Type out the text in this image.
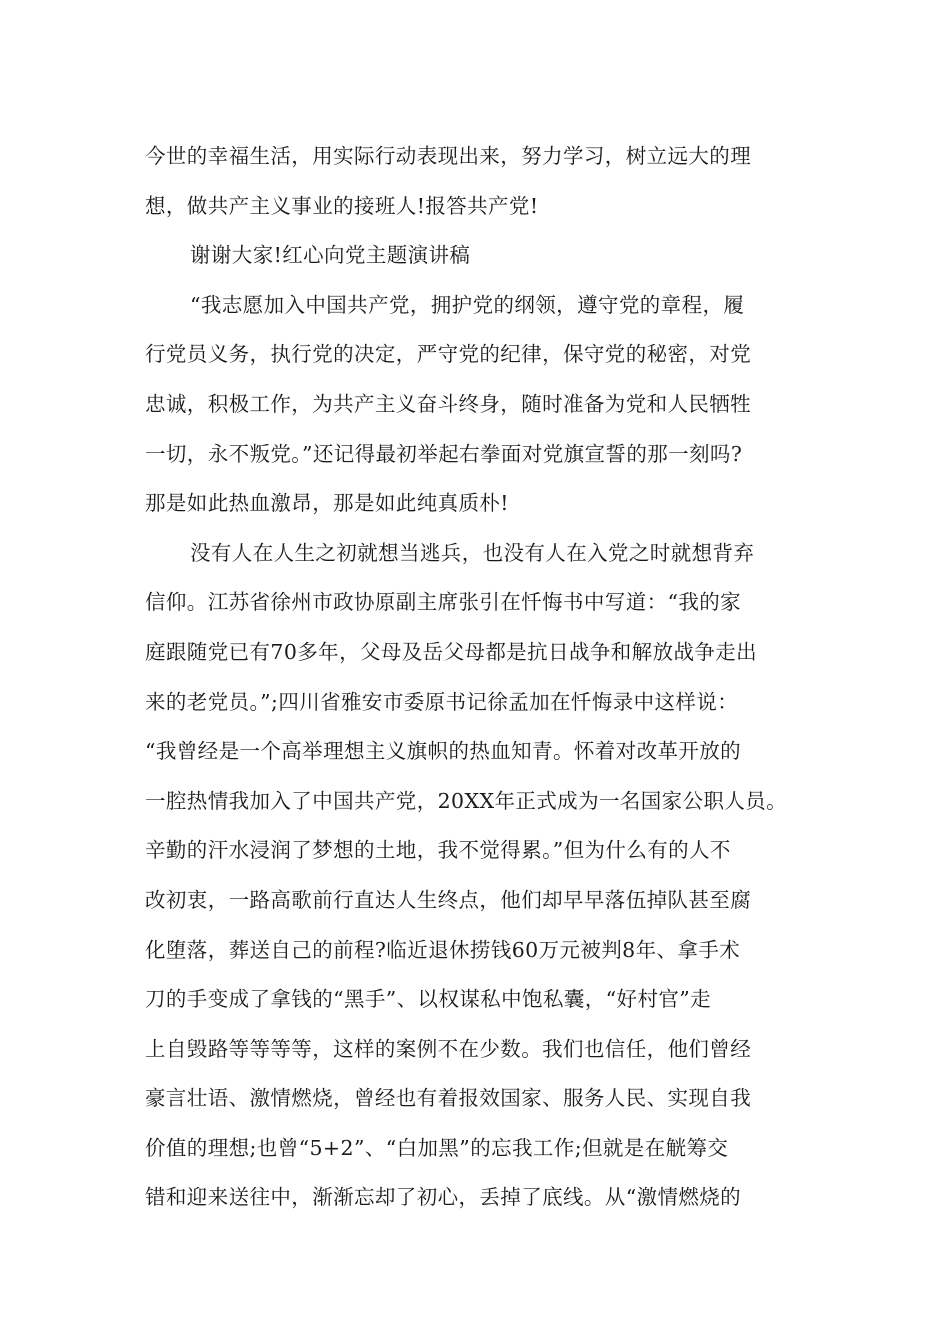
今世的幸福生活，用实际行动表现出来，努力学习，树立远大的理
想，做共产主义事业的接班人!报答共产党!
谢谢大家!红心向党主题演讲稿
“我志愿加入中国共产党，拥护党的纲领，遵守党的章程，履
行党员义务，执行党的决定，严守党的纪律，保守党的秘密，对党
忠诚，积极工作，为共产主义奋斗终身，随时准备为党和人民牺牲
一切，永不叛党。”还记得最初举起右拳面对党旗宣誓的那一刻吗?
那是如此热血激昂，那是如此纯真质朴!
没有人在人生之初就想当逃兵，也没有人在入党之时就想背弃
信仰。江苏省徐州市政协原副主席张引在忏悔书中写道：“我的家
庭跟随党已有70多年，父母及岳父母都是抗日战争和解放战争走出
来的老党员。”;四川省雅安市委原书记徐孟加在忏悔录中这样说：
“我曾经是一个高举理想主义旗帜的热血知青。怀着对改革开放的
一腔热情我加入了中国共产党，20XX年正式成为一名国家公职人员。
辛勤的汗水浸润了梦想的土地，我不觉得累。”但为什么有的人不
改初衷，一路高歌前行直达人生终点，他们却早早落伍掉队甚至腐
化堕落，葬送自己的前程?临近退休捞钱60万元被判8年、拿手术
刀的手变成了拿钱的“黑手”、以权谋私中饱私囊，“好村官”走
上自毁路等等等等，这样的案例不在少数。我们也信任，他们曾经
豪言壮语、激情燃烧，曾经也有着报效国家、服务人民、实现自我
价值的理想;也曾“5+2”、“白加黑”的忘我工作;但就是在觥筹交
错和迎来送往中，渐渐忘却了初心，丢掉了底线。从“激情燃烧的
